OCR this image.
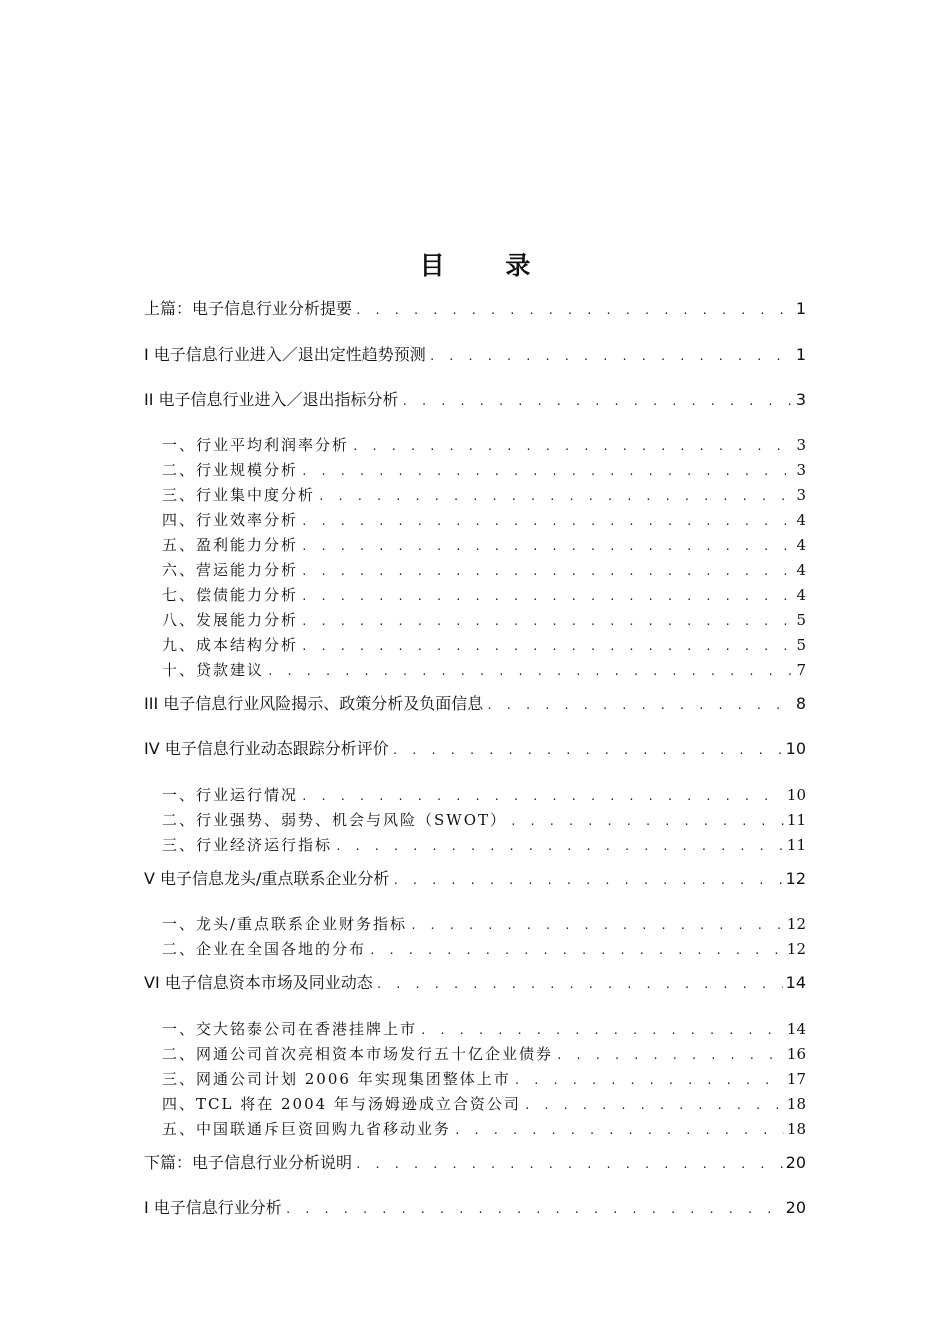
目 录
上篇：电子信息行业分析提要 . . .	1
I 电子信息行业进入／退出定性趋势预测 . . .	1
II 电子信息行业进入／退出指标分析 . . .	3
一、行业平均利润率分析 . . .	3
二、行业规模分析 . . .	3
三、行业集中度分析 . . .	3
四、行业效率分析 . . .	4
五、盈利能力分析 . . .	4
六、营运能力分析 . . .	4
七、偿债能力分析 . . .	4
八、发展能力分析 . . .	5
九、成本结构分析 . . .	5
十、贷款建议 . . .	7
III 电子信息行业风险揭示、政策分析及负面信息 . . .	8
IV 电子信息行业动态跟踪分析评价 . . .	10
一、行业运行情况 . . .	10
二、行业强势、弱势、机会与风险（SWOT） . . .	11
三、行业经济运行指标 . . .	11
V 电子信息龙头/重点联系企业分析 . . .	12
一、龙头/重点联系企业财务指标 . . .	12
二、企业在全国各地的分布 . . .	12
VI 电子信息资本市场及同业动态 . . .	14
一、交大铭泰公司在香港挂牌上市 . . .	14
二、网通公司首次亮相资本市场发行五十亿企业债券 . . .	16
三、网通公司计划 2006 年实现集团整体上市 . . .	17
四、TCL 将在 2004 年与汤姆逊成立合资公司 . . .	18
五、中国联通斥巨资回购九省移动业务 . . .	18
下篇：电子信息行业分析说明 . . .	20
I 电子信息行业分析 . . .	20
